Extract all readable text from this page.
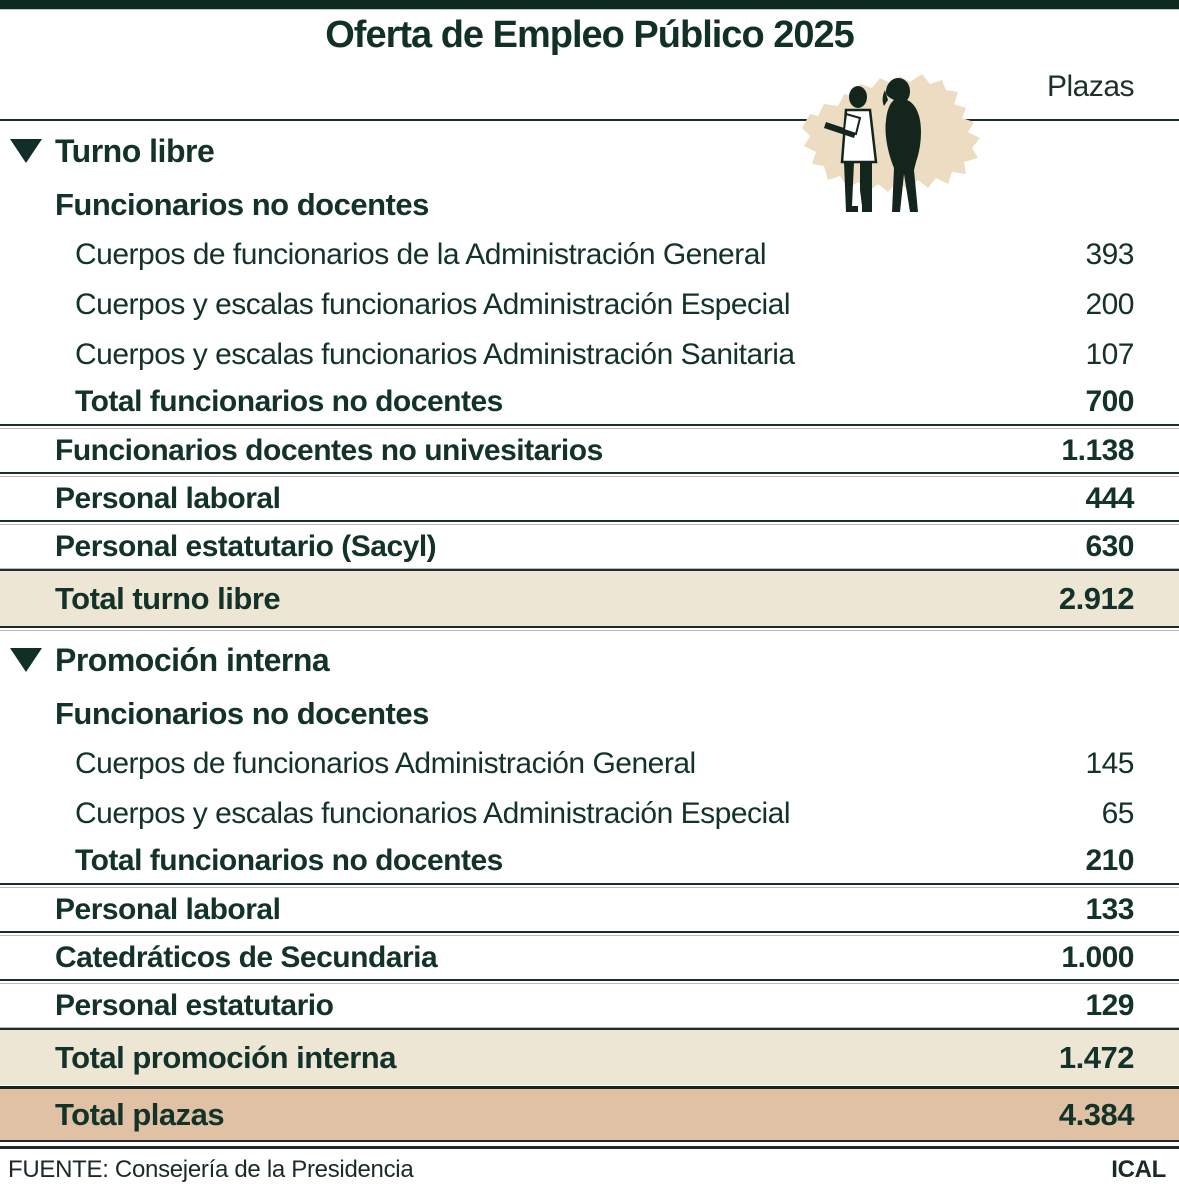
Oferta de Empleo Público 2025
Plazas
Turno libre
Funcionarios no docentes
Cuerpos de funcionarios de la Administración General	393
Cuerpos y escalas funcionarios Administración Especial	200
Cuerpos y escalas funcionarios Administración Sanitaria	107
Total funcionarios no docentes	700
Funcionarios docentes no univesitarios	1.138
Personal laboral	444
Personal estatutario (Sacyl)	630
Total turno libre	2.912
Promoción interna
Funcionarios no docentes
Cuerpos de funcionarios Administración General	145
Cuerpos y escalas funcionarios Administración Especial	65
Total funcionarios no docentes	210
Personal laboral	133
Catedráticos de Secundaria	1.000
Personal estatutario	129
Total promoción interna	1.472
Total plazas	4.384
FUENTE: Consejería de la Presidencia	ICAL
